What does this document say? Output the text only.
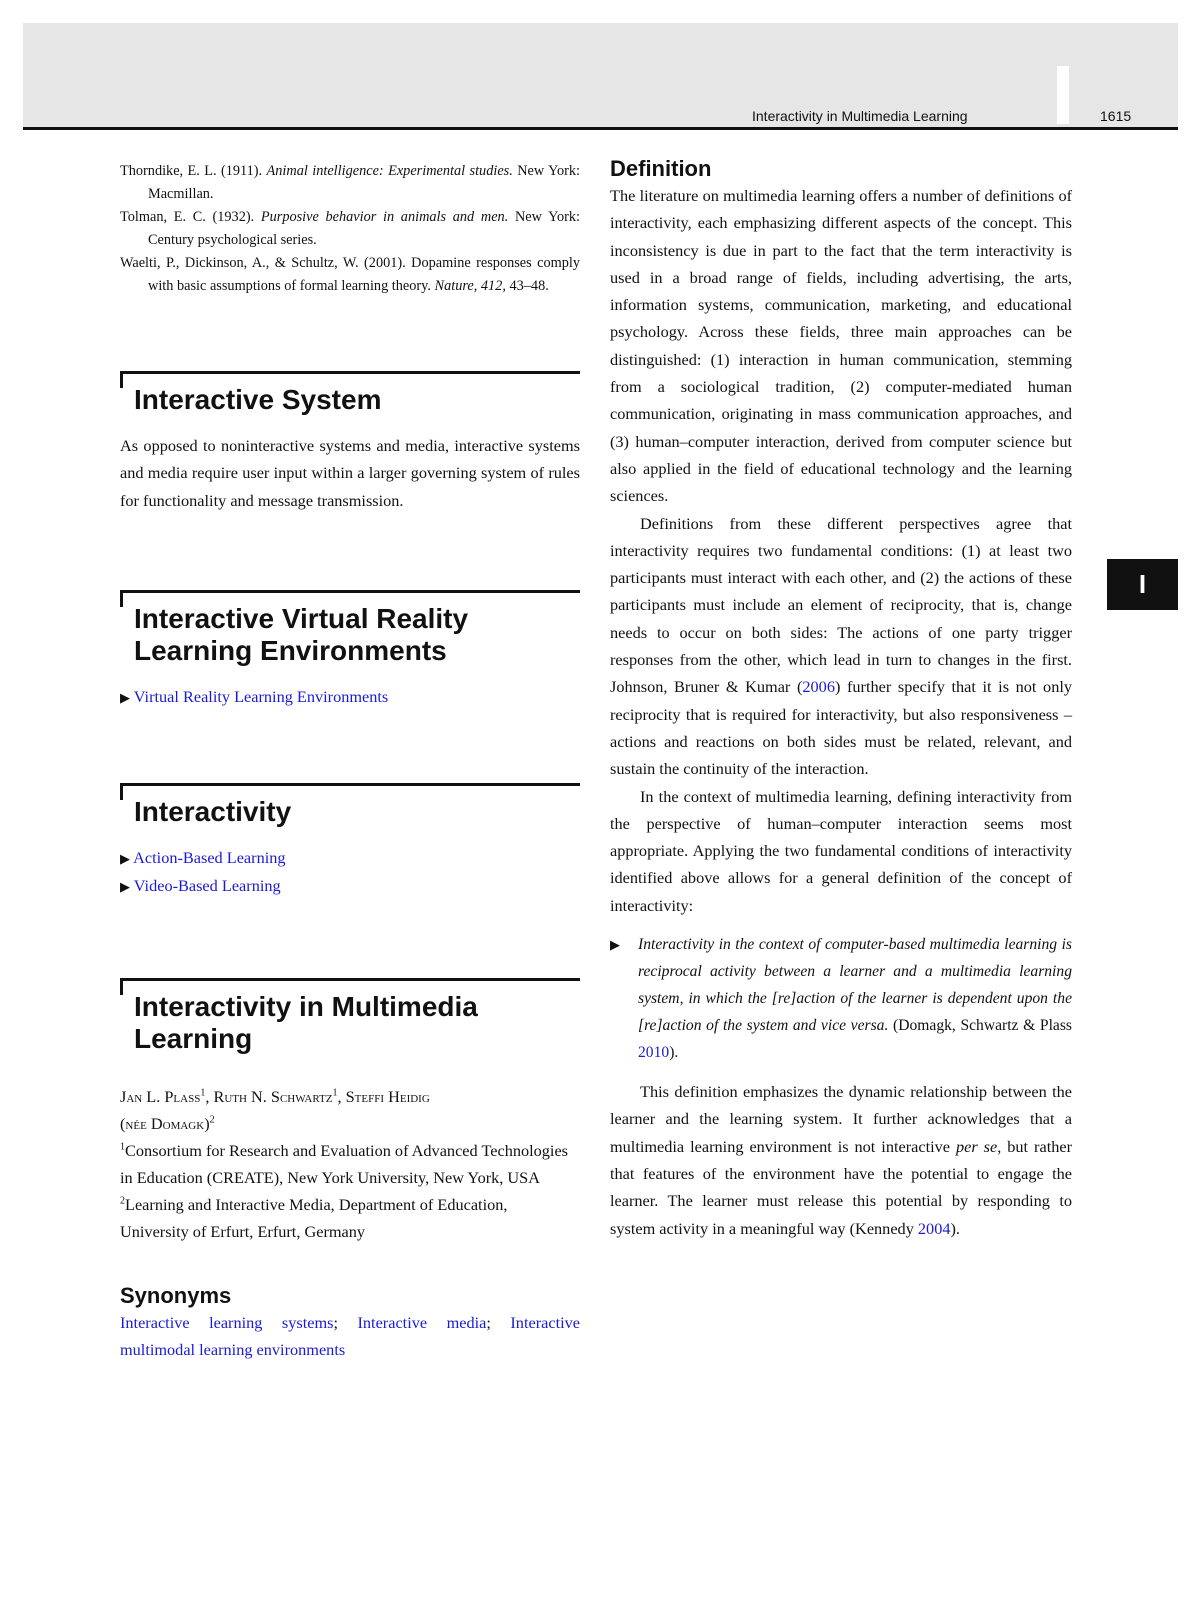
Interactivity in Multimedia Learning	1615
I

Thorndike, E. L. (1911). Animal intelligence: Experimental studies. New York: Macmillan.

Tolman, E. C. (1932). Purposive behavior in animals and men. New York: Century psychological series.

Waelti, P., Dickinson, A., & Schultz, W. (2001). Dopamine responses comply with basic assumptions of formal learning theory. Nature, 412, 43–48.

Interactive System

As opposed to noninteractive systems and media, interactive systems and media require user input within a larger governing system of rules for functionality and message transmission.

Interactive Virtual Reality
Learning Environments

▶ Virtual Reality Learning Environments

Interactivity

▶ Action-Based Learning

▶ Video-Based Learning

Interactivity in Multimedia
Learning

Jan L. Plass$^1$, Ruth N. Schwartz$^1$, Steffi Heidig
(née Domagk)$^2$

$^1$Consortium for Research and Evaluation of Advanced Technologies in Education (CREATE), New York University, New York, USA

$^2$Learning and Interactive Media, Department of Education, University of Erfurt, Erfurt, Germany

Synonyms

Interactive learning systems; Interactive media; Interactive multimodal learning environments

Definition

The literature on multimedia learning offers a number of definitions of interactivity, each emphasizing different aspects of the concept. This inconsistency is due in part to the fact that the term interactivity is used in a broad range of fields, including advertising, the arts, information systems, communication, marketing, and educational psychology. Across these fields, three main approaches can be distinguished: (1) interaction in human communication, stemming from a sociological tradition, (2) computer-mediated human communication, originating in mass communication approaches, and (3) human–computer interaction, derived from computer science but also applied in the field of educational technology and the learning sciences.

Definitions from these different perspectives agree that interactivity requires two fundamental conditions: (1) at least two participants must interact with each other, and (2) the actions of these participants must include an element of reciprocity, that is, change needs to occur on both sides: The actions of one party trigger responses from the other, which lead in turn to changes in the first. Johnson, Bruner & Kumar (2006) further specify that it is not only reciprocity that is required for interactivity, but also responsiveness – actions and reactions on both sides must be related, relevant, and sustain the continuity of the interaction.

In the context of multimedia learning, defining interactivity from the perspective of human–computer interaction seems most appropriate. Applying the two fundamental conditions of interactivity identified above allows for a general definition of the concept of interactivity:

▶ Interactivity in the context of computer-based multimedia learning is reciprocal activity between a learner and a multimedia learning system, in which the [re]action of the learner is dependent upon the [re]action of the system and vice versa. (Domagk, Schwartz & Plass 2010).

This definition emphasizes the dynamic relationship between the learner and the learning system. It further acknowledges that a multimedia learning environment is not interactive per se, but rather that features of the environment have the potential to engage the learner. The learner must release this potential by responding to system activity in a meaningful way (Kennedy 2004).
